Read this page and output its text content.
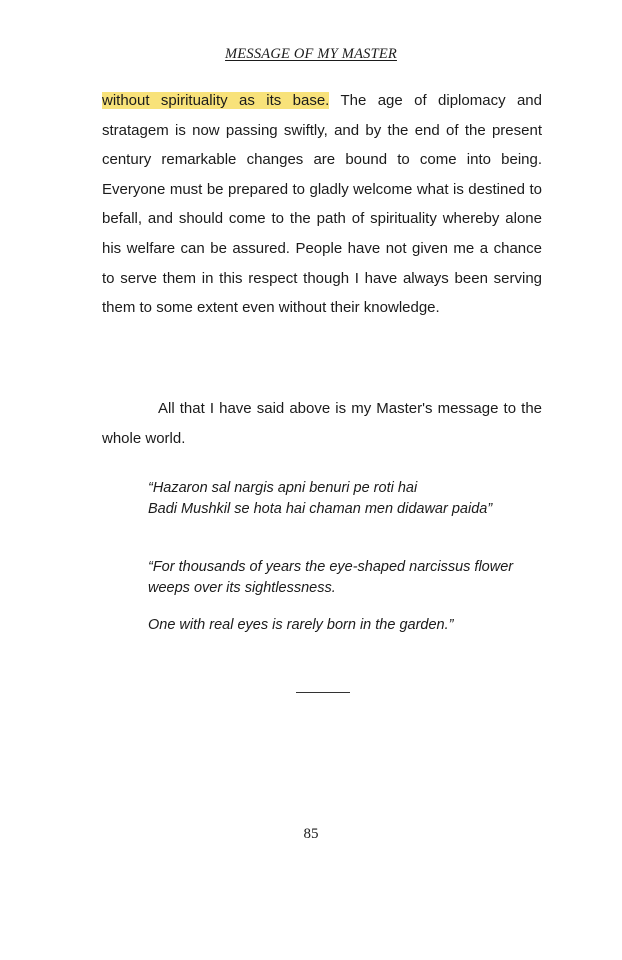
MESSAGE OF MY MASTER
without spirituality as its base. The age of diplomacy and stratagem is now passing swiftly, and by the end of the present century remarkable changes are bound to come into being. Everyone must be prepared to gladly welcome what is destined to befall, and should come to the path of spirituality whereby alone his welfare can be assured. People have not given me a chance to serve them in this respect though I have always been serving them to some extent even without their knowledge.
All that I have said above is my Master's message to the whole world.
“Hazaron sal nargis apni benuri pe roti hai
Badi Mushkil se hota hai chaman men didawar paida”
“For thousands of years the eye-shaped narcissus flower weeps over its sightlessness.
One with real eyes is rarely born in the garden.”
85
